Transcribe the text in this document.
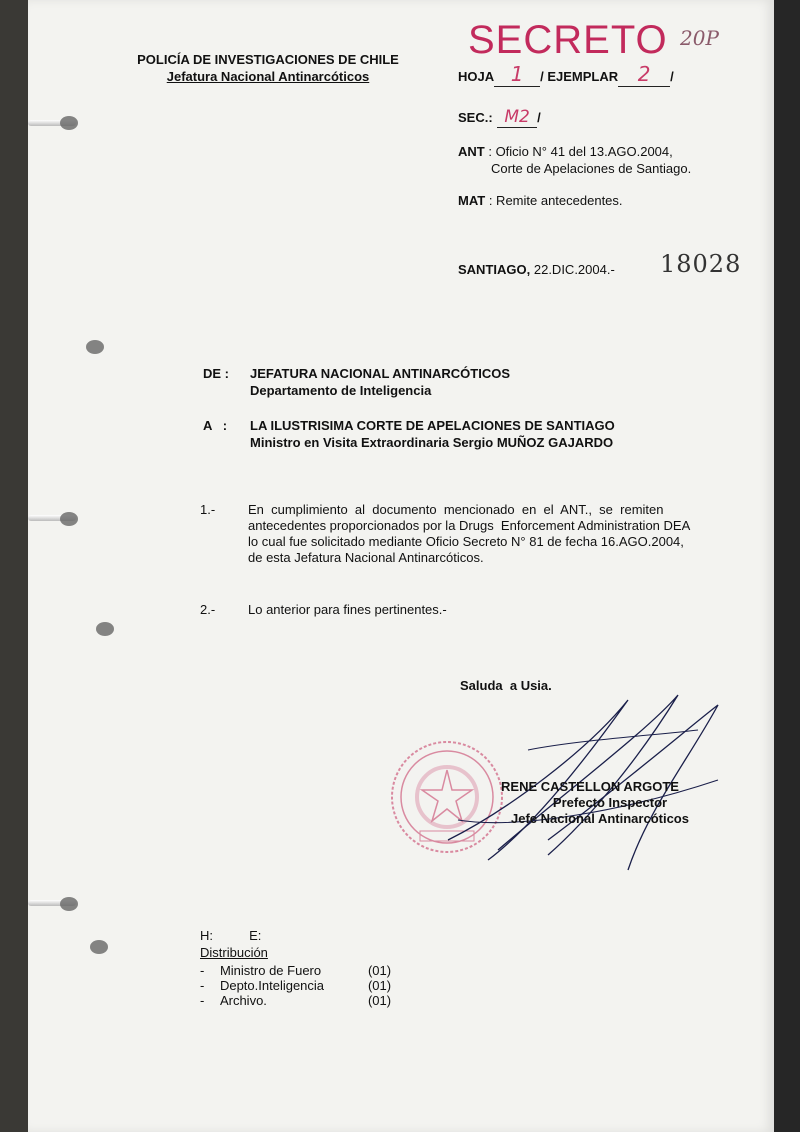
POLICÍA DE INVESTIGACIONES DE CHILE
Jefatura Nacional Antinarcóticos
SECRETO 20P
HOJA 1 / EJEMPLAR 2 /
SEC.: M2 /
ANT : Oficio N° 41 del 13.AGO.2004,
Corte de Apelaciones de Santiago.
MAT : Remite antecedentes.
SANTIAGO, 22.DIC.2004.- 18028
DE : JEFATURA NACIONAL ANTINARCÓTICOS
Departamento de Inteligencia
A   : LA ILUSTRISIMA CORTE DE APELACIONES DE SANTIAGO
Ministro en Visita Extraordinaria Sergio MUÑOZ GAJARDO
1.-	En  cumplimiento  al  documento  mencionado  en  el  ANT.,  se  remiten
antecedentes proporcionados por la Drugs  Enforcement Administration DEA
lo cual fue solicitado mediante Oficio Secreto N° 81 de fecha 16.AGO.2004,
de esta Jefatura Nacional Antinarcóticos.
2.-	Lo anterior para fines pertinentes.-
Saluda  a Usia.
RENE CASTELLON ARGOTE
Prefecto Inspector
Jefe Nacional Antinarcóticos
H:          E:
Distribución
- Ministro de Fuero	(01)
- Depto.Inteligencia	(01)
- Archivo.	(01)
